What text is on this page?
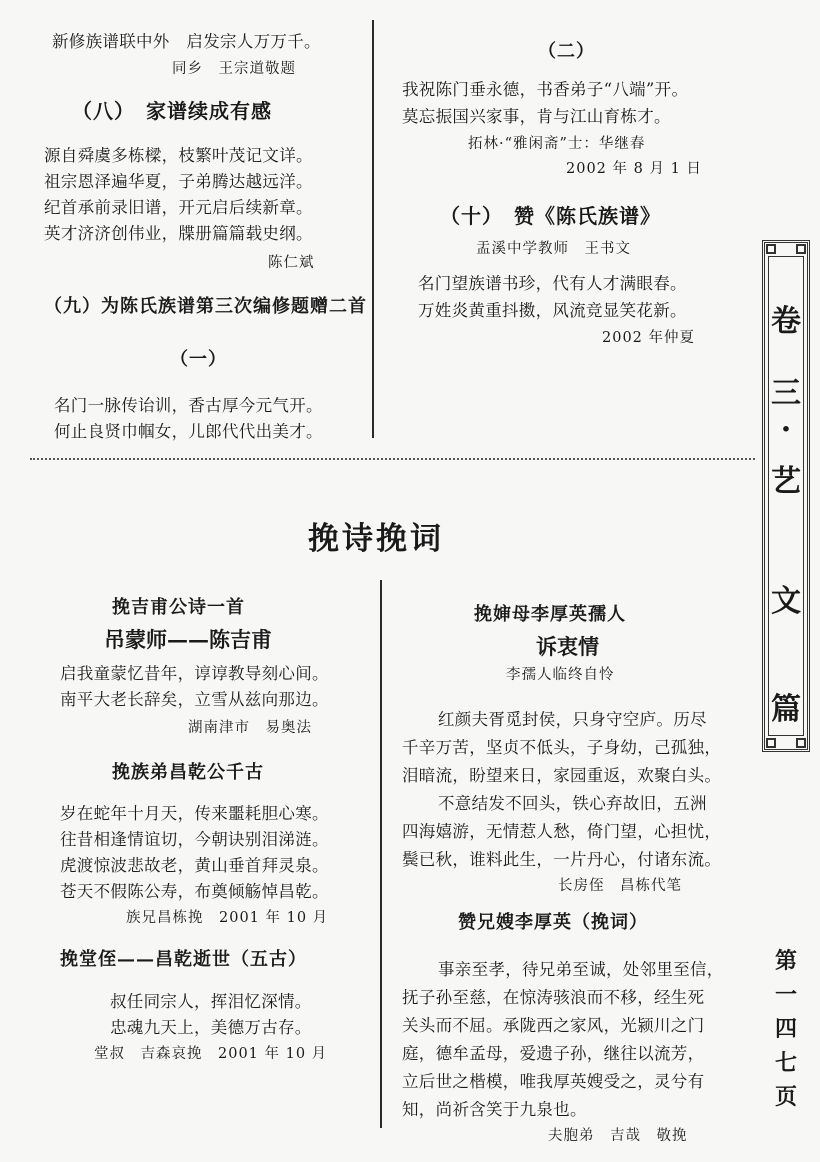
新修族谱联中外　启发宗人万万千。
同乡　王宗道敬题
（八）　家谱续成有感
源自舜虞多栋樑，枝繁叶茂记文详。
祖宗恩泽遍华夏，子弟腾达越远洋。
纪首承前录旧谱，开元启后续新章。
英才济济创伟业，牒册篇篇载史纲。
陈仁斌
（九）为陈氏族谱第三次编修题赠二首
（一）
名门一脉传诒训，香古厚今元气开。
何止良贤巾帼女，儿郎代代出美才。
（二）
我祝陈门垂永德，书香弟子“八端”开。
莫忘振国兴家事，肯与江山育栋才。
拓林·“雅闲斋”士：华继春
2002 年 8 月 1 日
（十）　赞《陈氏族谱》
盂溪中学教师　王书文
名门望族谱书珍，代有人才满眼春。
万姓炎黄重抖擞，风流竞显笑花新。
2002 年仲夏
挽诗挽词
挽吉甫公诗一首
吊蒙师——陈吉甫
启我童蒙忆昔年，谆谆教导刻心间。
南平大老长辞矣，立雪从兹向那边。
湖南津市　易奥法
挽族弟昌乾公千古
岁在蛇年十月天，传来噩耗胆心寒。
往昔相逢情谊切，今朝诀别泪涕涟。
虎渡惊波悲故老，黄山垂首拜灵泉。
苍天不假陈公寿，布奠倾觞悼昌乾。
族兄昌栋挽　2001 年 10 月
挽堂侄——昌乾逝世（五古）
叔任同宗人，挥泪忆深情。
忠魂九天上，美德万古存。
堂叔　吉森哀挽　2001 年 10 月
挽婶母李厚英孺人
诉衷情
李孺人临终自怜
红颜夫胥觅封侯，只身守空庐。历尽
千辛万苦，坚贞不低头，子身幼，己孤独，
泪暗流，盼望来日，家园重返，欢聚白头。
不意结发不回头，铁心弃故旧，五洲
四海嬉游，无情惹人愁，倚门望，心担忧，
鬓已秋，谁料此生，一片丹心，付诸东流。
长房侄　昌栋代笔
赞兄嫂李厚英（挽词）
事亲至孝，待兄弟至诚，处邻里至信，
抚子孙至慈，在惊涛骇浪而不移，经生死
关头而不屈。承陇西之家风，光颍川之门
庭，德牟孟母，爱遗子孙，继往以流芳，
立后世之楷模，唯我厚英嫂受之，灵兮有
知，尚祈含笑于九泉也。
夫胞弟　吉哉　敬挽
卷
三
·
艺
文
篇
第
一
四
七
页
